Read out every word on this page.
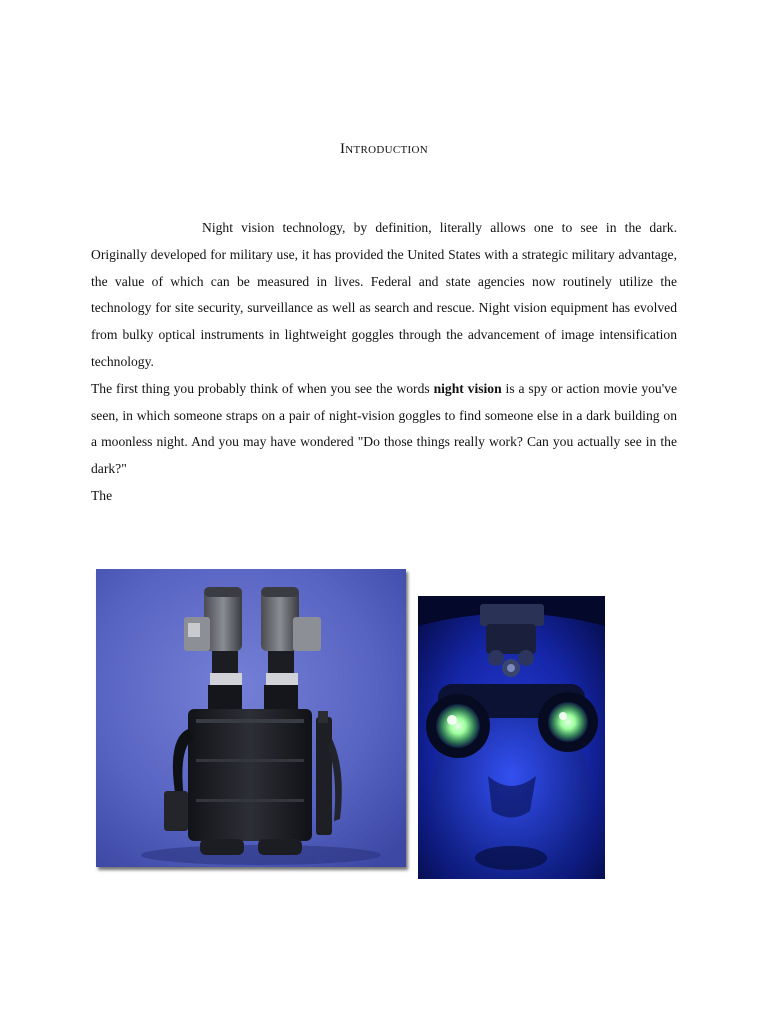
Introduction

Night vision technology, by definition, literally allows one to see in the dark. Originally developed for military use, it has provided the United States with a strategic military advantage, the value of which can be measured in lives. Federal and state agencies now routinely utilize the technology for site security, surveillance as well as search and rescue. Night vision equipment has evolved from bulky optical instruments in lightweight goggles through the advancement of image intensification technology.

The first thing you probably think of when you see the words night vision is a spy or action movie you've seen, in which someone straps on a pair of night-vision goggles to find someone else in a dark building on a moonless night. And you may have wondered "Do those things really work? Can you actually see in the dark?"

The
